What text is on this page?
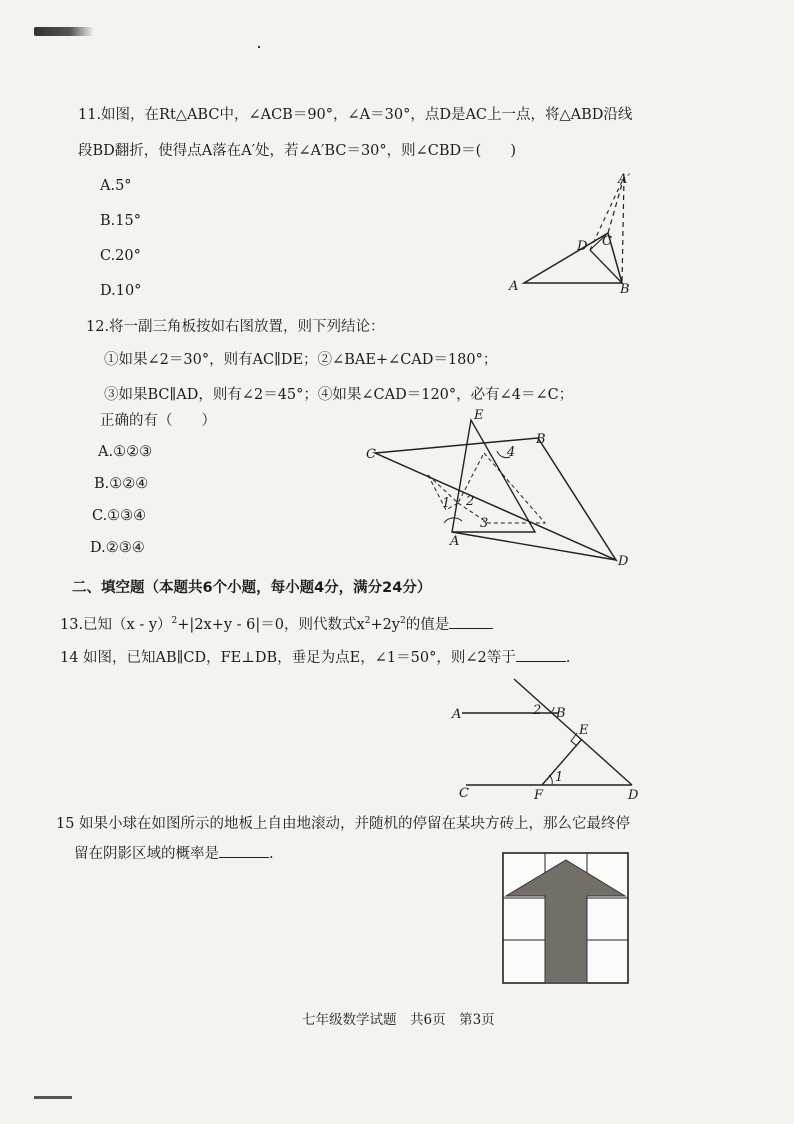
11.如图，在Rt△ABC中，∠ACB＝90°，∠A＝30°，点D是AC上一点，将△ABD沿线
段BD翻折，使得点A落在A′处，若∠A′BC＝30°，则∠CBD＝(　　)
A.5°
B.15°
C.20°
D.10°
A′
C
D
A	B
12.将一副三角板按如右图放置，则下列结论：
①如果∠2＝30°，则有AC∥DE；②∠BAE+∠CAD＝180°；
③如果BC∥AD，则有∠2＝45°；④如果∠CAD＝120°，必有∠4＝∠C；
正确的有（　　）
A.①②③
B.①②④
C.①③④
D.②③④
E
B
C	4
1 2
3
A
D
二、填空题（本题共6个小题，每小题4分，满分24分）
13.已知（x - y）$^2$+|2x+y - 6|＝0，则代数式$x^2+2y^2$的值是
14 如图，已知AB∥CD，FE⊥DB，垂足为点E，∠1＝50°，则∠2等于	.
A	2 B
E
1
C	F	D
15 如果小球在如图所示的地板上自由地滚动，并随机的停留在某块方砖上，那么它最终停
留在阴影区域的概率是	.
七年级数学试题　共6页　第3页
